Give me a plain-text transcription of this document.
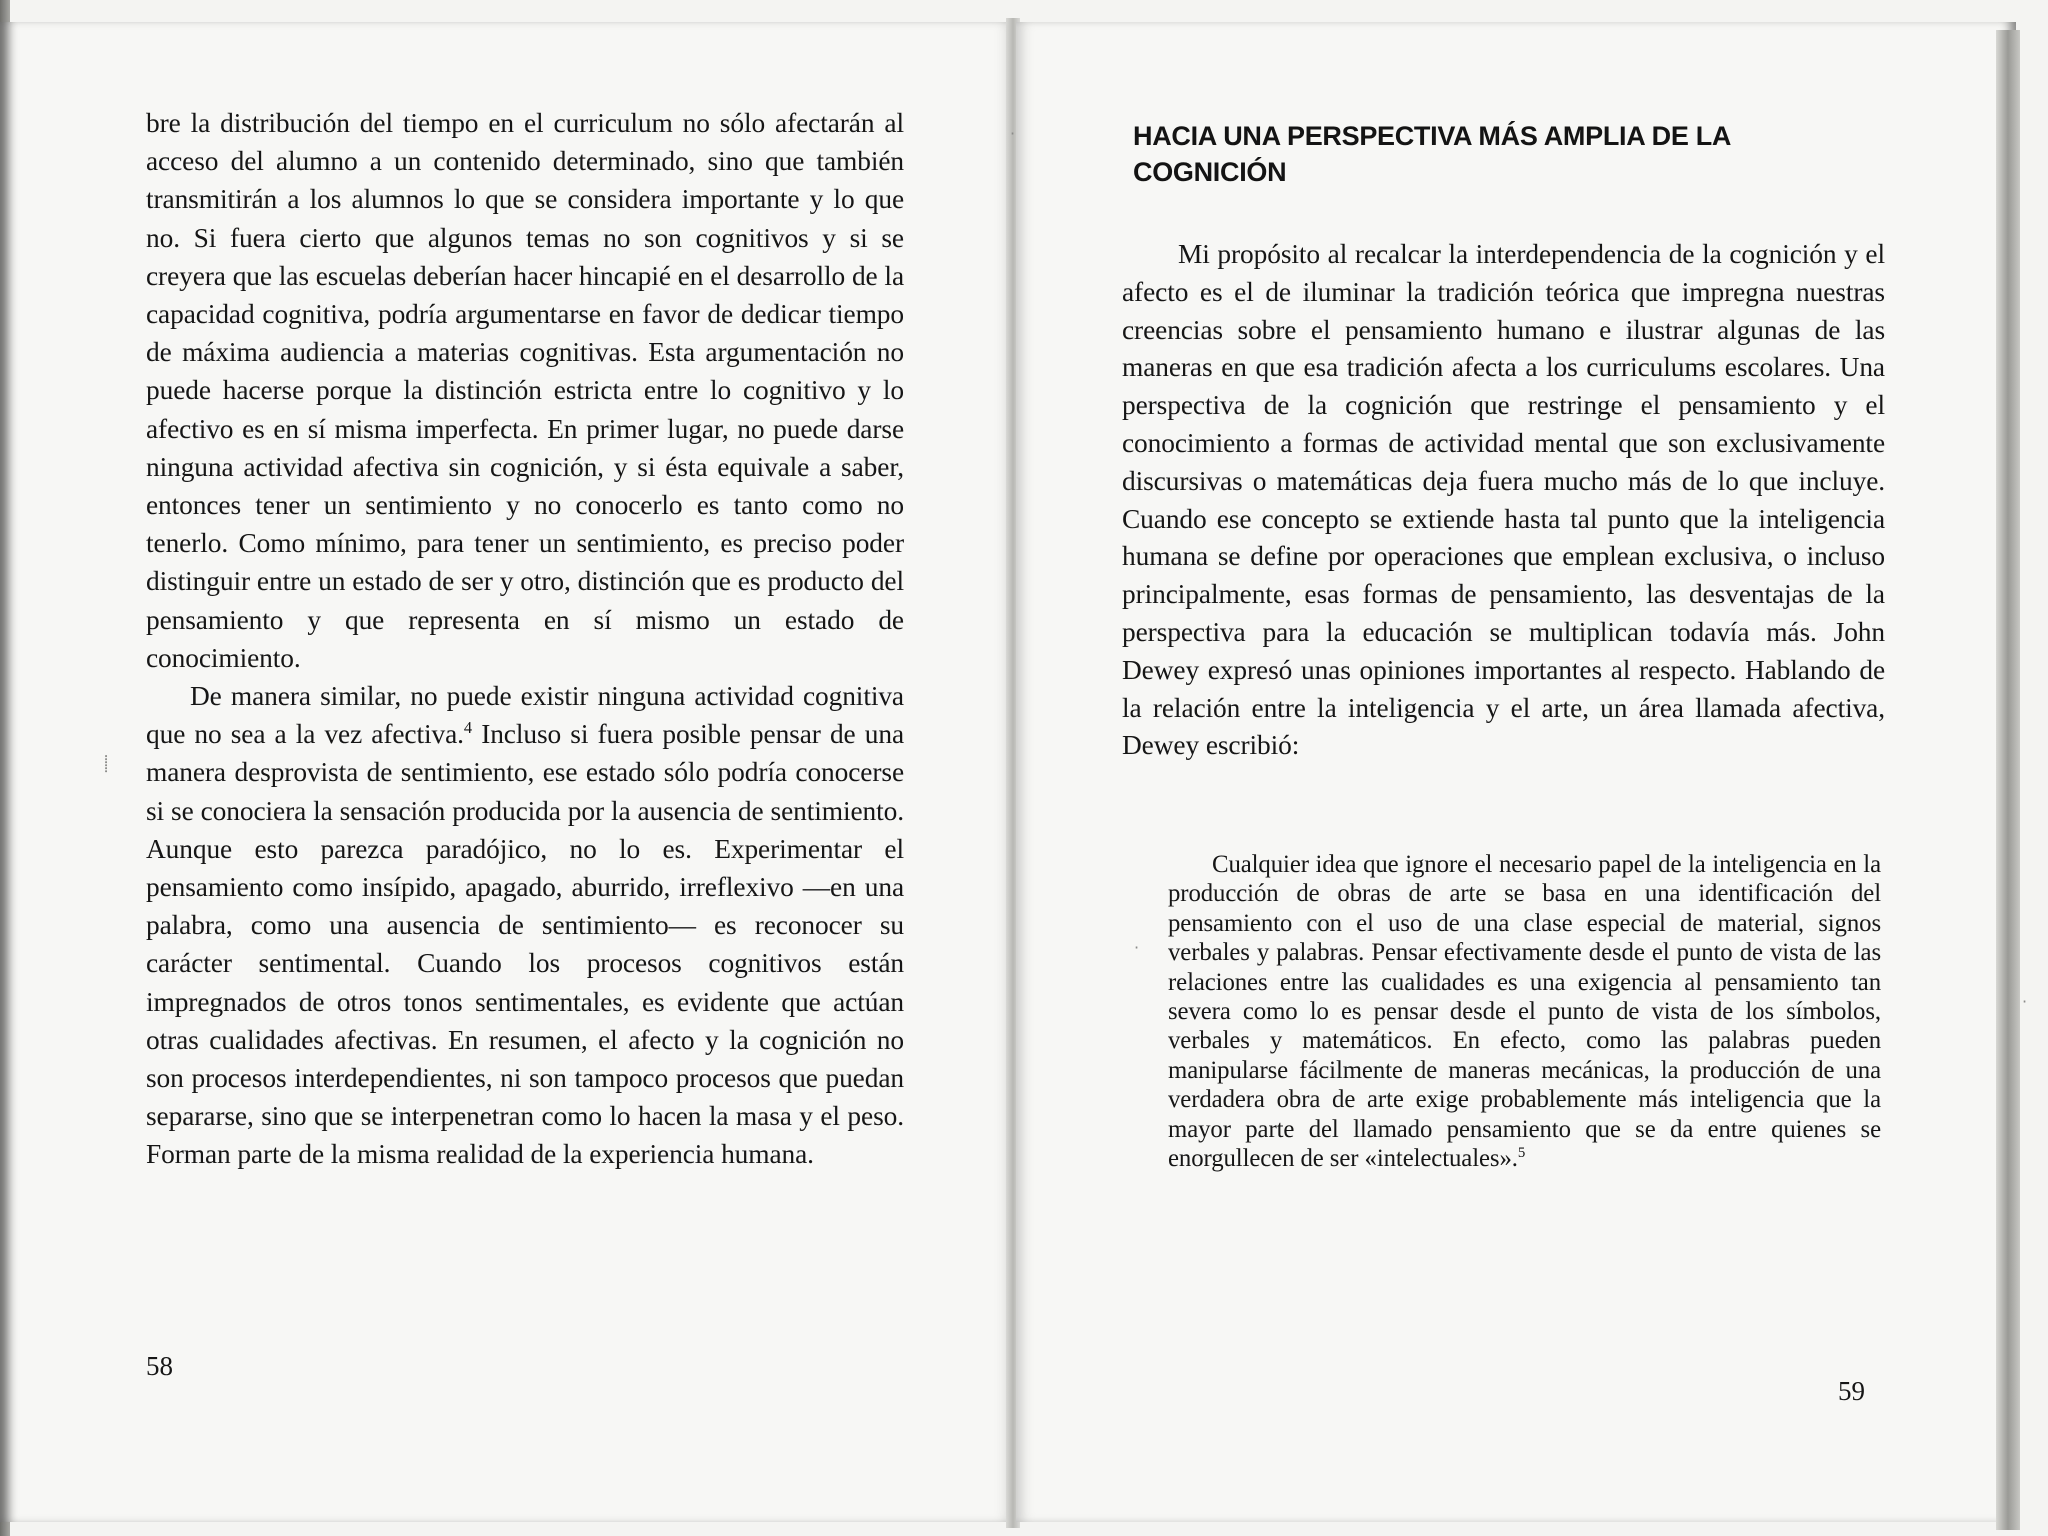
bre la distribución del tiempo en el curriculum no sólo afectarán al acceso del alumno a un contenido determinado, sino que también transmitirán a los alumnos lo que se considera importante y lo que no. Si fuera cierto que algunos temas no son cognitivos y si se creyera que las escuelas deberían hacer hincapié en el desarrollo de la capacidad cognitiva, podría argumentarse en favor de dedicar tiempo de máxima audiencia a materias cognitivas. Esta argumentación no puede hacerse porque la distinción estricta entre lo cognitivo y lo afectivo es en sí misma imperfecta. En primer lugar, no puede darse ninguna actividad afectiva sin cognición, y si ésta equivale a saber, entonces tener un sentimiento y no conocerlo es tanto como no tenerlo. Como mínimo, para tener un sentimiento, es preciso poder distinguir entre un estado de ser y otro, distinción que es producto del pensamiento y que representa en sí mismo un estado de conocimiento.

De manera similar, no puede existir ninguna actividad cognitiva que no sea a la vez afectiva.$^4$ Incluso si fuera posible pensar de una manera desprovista de sentimiento, ese estado sólo podría conocerse si se conociera la sensación producida por la ausencia de sentimiento. Aunque esto parezca paradójico, no lo es. Experimentar el pensamiento como insípido, apagado, aburrido, irreflexivo —en una palabra, como una ausencia de sentimiento— es reconocer su carácter sentimental. Cuando los procesos cognitivos están impregnados de otros tonos sentimentales, es evidente que actúan otras cualidades afectivas. En resumen, el afecto y la cognición no son procesos interdependientes, ni son tampoco procesos que puedan separarse, sino que se interpenetran como lo hacen la masa y el peso. Forman parte de la misma realidad de la experiencia humana.

58
HACIA UNA PERSPECTIVA MÁS AMPLIA DE LA COGNICIÓN

Mi propósito al recalcar la interdependencia de la cognición y el afecto es el de iluminar la tradición teórica que impregna nuestras creencias sobre el pensamiento humano e ilustrar algunas de las maneras en que esa tradición afecta a los curriculums escolares. Una perspectiva de la cognición que restringe el pensamiento y el conocimiento a formas de actividad mental que son exclusivamente discursivas o matemáticas deja fuera mucho más de lo que incluye. Cuando ese concepto se extiende hasta tal punto que la inteligencia humana se define por operaciones que emplean exclusiva, o incluso principalmente, esas formas de pensamiento, las desventajas de la perspectiva para la educación se multiplican todavía más. John Dewey expresó unas opiniones importantes al respecto. Hablando de la relación entre la inteligencia y el arte, un área llamada afectiva, Dewey escribió:

Cualquier idea que ignore el necesario papel de la inteligencia en la producción de obras de arte se basa en una identificación del pensamiento con el uso de una clase especial de material, signos verbales y palabras. Pensar efectivamente desde el punto de vista de las relaciones entre las cualidades es una exigencia al pensamiento tan severa como lo es pensar desde el punto de vista de los símbolos, verbales y matemáticos. En efecto, como las palabras pueden manipularse fácilmente de maneras mecánicas, la producción de una verdadera obra de arte exige probablemente más inteligencia que la mayor parte del llamado pensamiento que se da entre quienes se enorgullecen de ser «intelectuales».$^5$

59
⸽
·
·
·
